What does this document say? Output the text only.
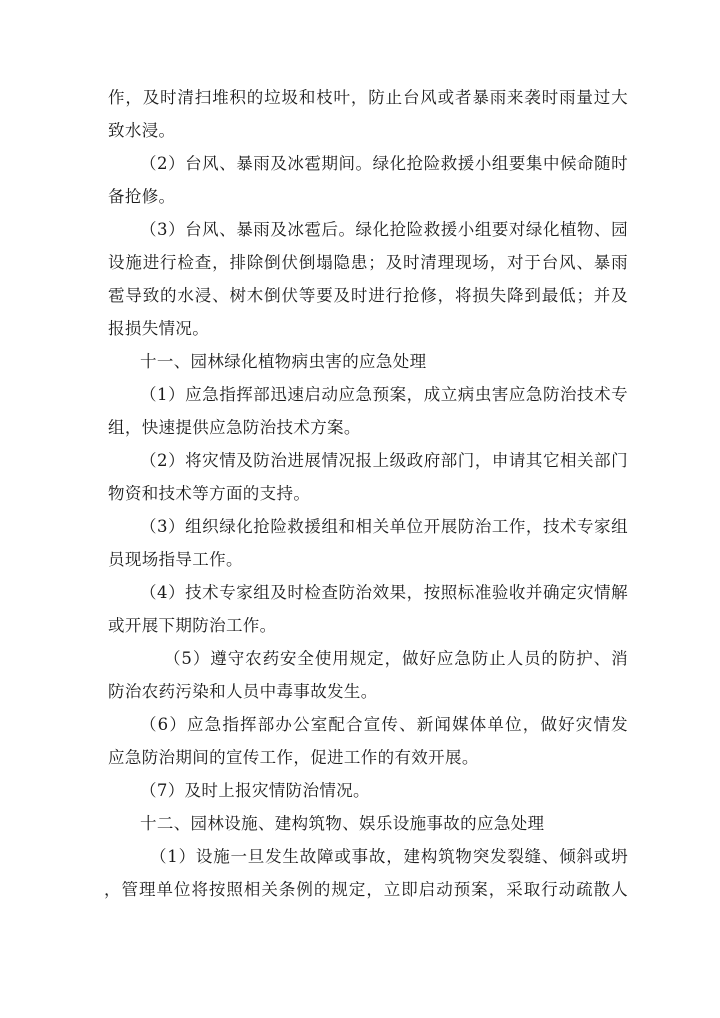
作，及时清扫堆积的垃圾和枝叶，防止台风或者暴雨来袭时雨量过大
致水浸。
（2）台风、暴雨及冰雹期间。绿化抢险救援小组要集中候命随时
备抢修。
（3）台风、暴雨及冰雹后。绿化抢险救援小组要对绿化植物、园
设施进行检查，排除倒伏倒塌隐患；及时清理现场，对于台风、暴雨
雹导致的水浸、树木倒伏等要及时进行抢修，将损失降到最低；并及
报损失情况。
十一、园林绿化植物病虫害的应急处理
（1）应急指挥部迅速启动应急预案，成立病虫害应急防治技术专
组，快速提供应急防治技术方案。
（2）将灾情及防治进展情况报上级政府部门，申请其它相关部门
物资和技术等方面的支持。
（3）组织绿化抢险救援组和相关单位开展防治工作，技术专家组
员现场指导工作。
（4）技术专家组及时检查防治效果，按照标准验收并确定灾情解
或开展下期防治工作。
（5）遵守农药安全使用规定，做好应急防止人员的防护、消
防治农药污染和人员中毒事故发生。
（6）应急指挥部办公室配合宣传、新闻媒体单位，做好灾情发
应急防治期间的宣传工作，促进工作的有效开展。
（7）及时上报灾情防治情况。
十二、园林设施、建构筑物、娱乐设施事故的应急处理
（1）设施一旦发生故障或事故，建构筑物突发裂缝、倾斜或坍
，管理单位将按照相关条例的规定，立即启动预案，采取行动疏散人
